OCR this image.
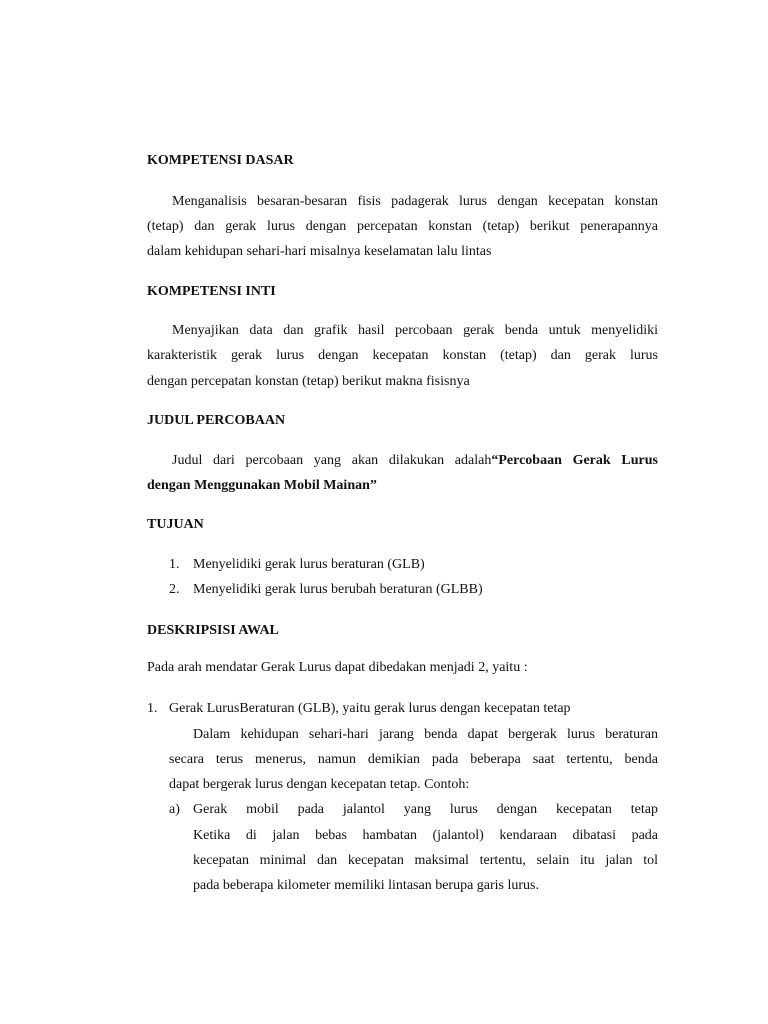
KOMPETENSI DASAR
Menganalisis besaran-besaran fisis padagerak lurus dengan kecepatan konstan
(tetap) dan gerak lurus dengan percepatan konstan (tetap) berikut penerapannya
dalam kehidupan sehari-hari misalnya keselamatan lalu lintas
KOMPETENSI INTI
Menyajikan data dan grafik hasil percobaan gerak benda untuk menyelidiki
karakteristik gerak lurus dengan kecepatan konstan (tetap) dan gerak lurus
dengan percepatan konstan (tetap) berikut makna fisisnya
JUDUL PERCOBAAN
Judul dari percobaan yang akan dilakukan adalah“Percobaan Gerak Lurus
dengan Menggunakan Mobil Mainan”
TUJUAN
1. Menyelidiki gerak lurus beraturan (GLB)
2. Menyelidiki gerak lurus berubah beraturan (GLBB)
DESKRIPSISI AWAL
Pada arah mendatar Gerak Lurus dapat dibedakan menjadi 2, yaitu :
1. Gerak LurusBeraturan (GLB), yaitu gerak lurus dengan kecepatan tetap
Dalam kehidupan sehari-hari jarang benda dapat bergerak lurus beraturan
secara terus menerus, namun demikian pada beberapa saat tertentu, benda
dapat bergerak lurus dengan kecepatan tetap. Contoh:
a) Gerak mobil pada jalantol yang lurus dengan kecepatan tetap
Ketika di jalan bebas hambatan (jalantol) kendaraan dibatasi pada
kecepatan minimal dan kecepatan maksimal tertentu, selain itu jalan tol
pada beberapa kilometer memiliki lintasan berupa garis lurus.
